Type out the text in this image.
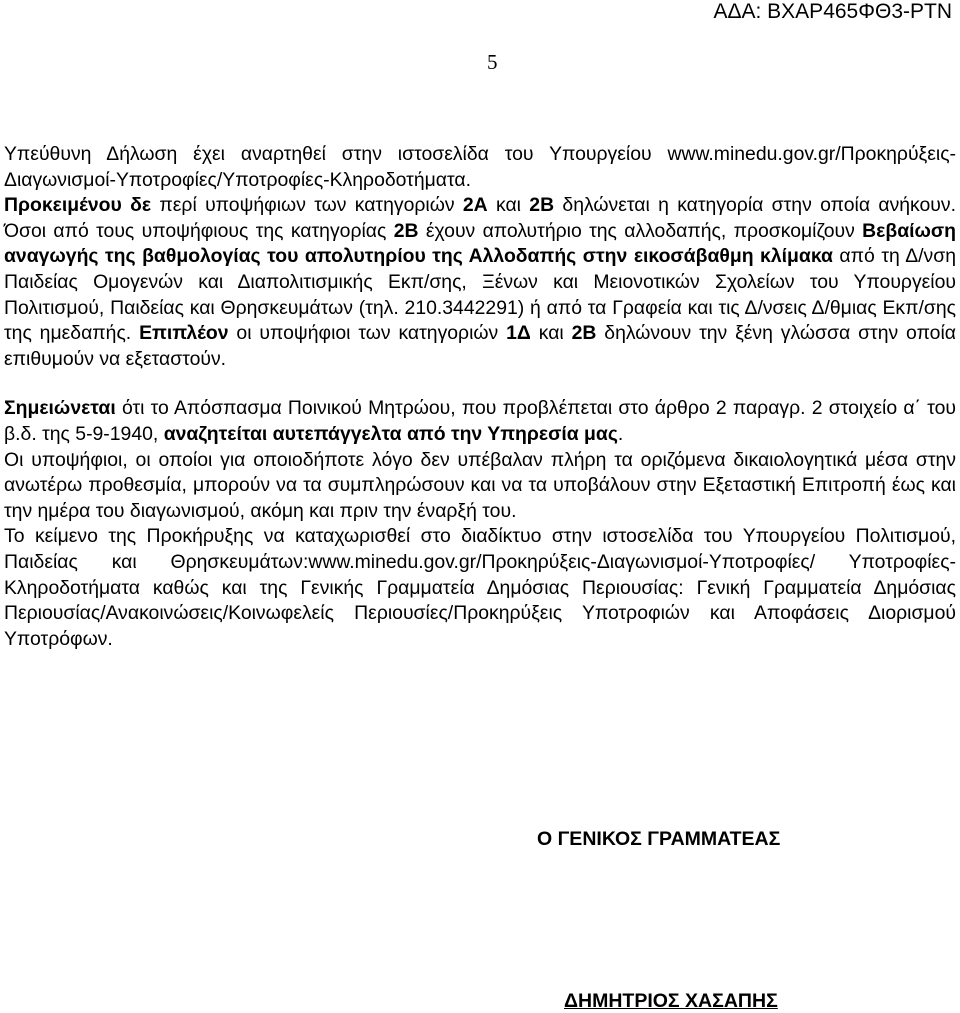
ΑΔΑ: ΒΧΑΡ465ΦΘ3-ΡΤΝ
5

Υπεύθυνη Δήλωση έχει αναρτηθεί στην ιστοσελίδα του Υπουργείου www.minedu.gov.gr/Προκηρύξεις-Διαγωνισμοί-Υποτροφίες/Υποτροφίες-Κληροδοτήματα.
Προκειμένου δε περί υποψήφιων των κατηγοριών 2Α και 2Β δηλώνεται η κατηγορία στην οποία ανήκουν. Όσοι από τους υποψήφιους της κατηγορίας 2Β έχουν απολυτήριο της αλλοδαπής, προσκομίζουν Βεβαίωση αναγωγής της βαθμολογίας του απολυτηρίου της Αλλοδαπής στην εικοσάβαθμη κλίμακα από τη Δ/νση Παιδείας Ομογενών και Διαπολιτισμικής Εκπ/σης, Ξένων και Μειονοτικών Σχολείων του Υπουργείου Πολιτισμού, Παιδείας και Θρησκευμάτων (τηλ. 210.3442291) ή από τα Γραφεία και τις Δ/νσεις Δ/θμιας Εκπ/σης της ημεδαπής. Επιπλέον οι υποψήφιοι των κατηγοριών 1Δ και 2Β δηλώνουν την ξένη γλώσσα στην οποία επιθυμούν να εξεταστούν.

Σημειώνεται ότι το Απόσπασμα Ποινικού Μητρώου, που προβλέπεται στο άρθρο 2 παραγρ. 2 στοιχείο α΄ του β.δ. της 5-9-1940, αναζητείται αυτεπάγγελτα από την Υπηρεσία μας.

Οι υποψήφιοι, οι οποίοι για οποιοδήποτε λόγο δεν υπέβαλαν πλήρη τα οριζόμενα δικαιολογητικά μέσα στην ανωτέρω προθεσμία, μπορούν να τα συμπληρώσουν και να τα υποβάλουν στην Εξεταστική Επιτροπή έως και την ημέρα του διαγωνισμού, ακόμη και πριν την έναρξή του.

Το κείμενο της Προκήρυξης να καταχωρισθεί στο διαδίκτυο στην ιστοσελίδα του Υπουργείου Πολιτισμού, Παιδείας και Θρησκευμάτων:www.minedu.gov.gr/Προκηρύξεις-Διαγωνισμοί-Υποτροφίες/ Υποτροφίες-Κληροδοτήματα καθώς και της Γενικής Γραμματεία Δημόσιας Περιουσίας: Γενική Γραμματεία Δημόσιας Περιουσίας/Ανακοινώσεις/Κοινωφελείς Περιουσίες/Προκηρύξεις Υποτροφιών και Αποφάσεις Διορισμού Υποτρόφων.

Ο ΓΕΝΙΚΟΣ ΓΡΑΜΜΑΤΕΑΣ
ΔΗΜΗΤΡΙΟΣ ΧΑΣΑΠΗΣ
